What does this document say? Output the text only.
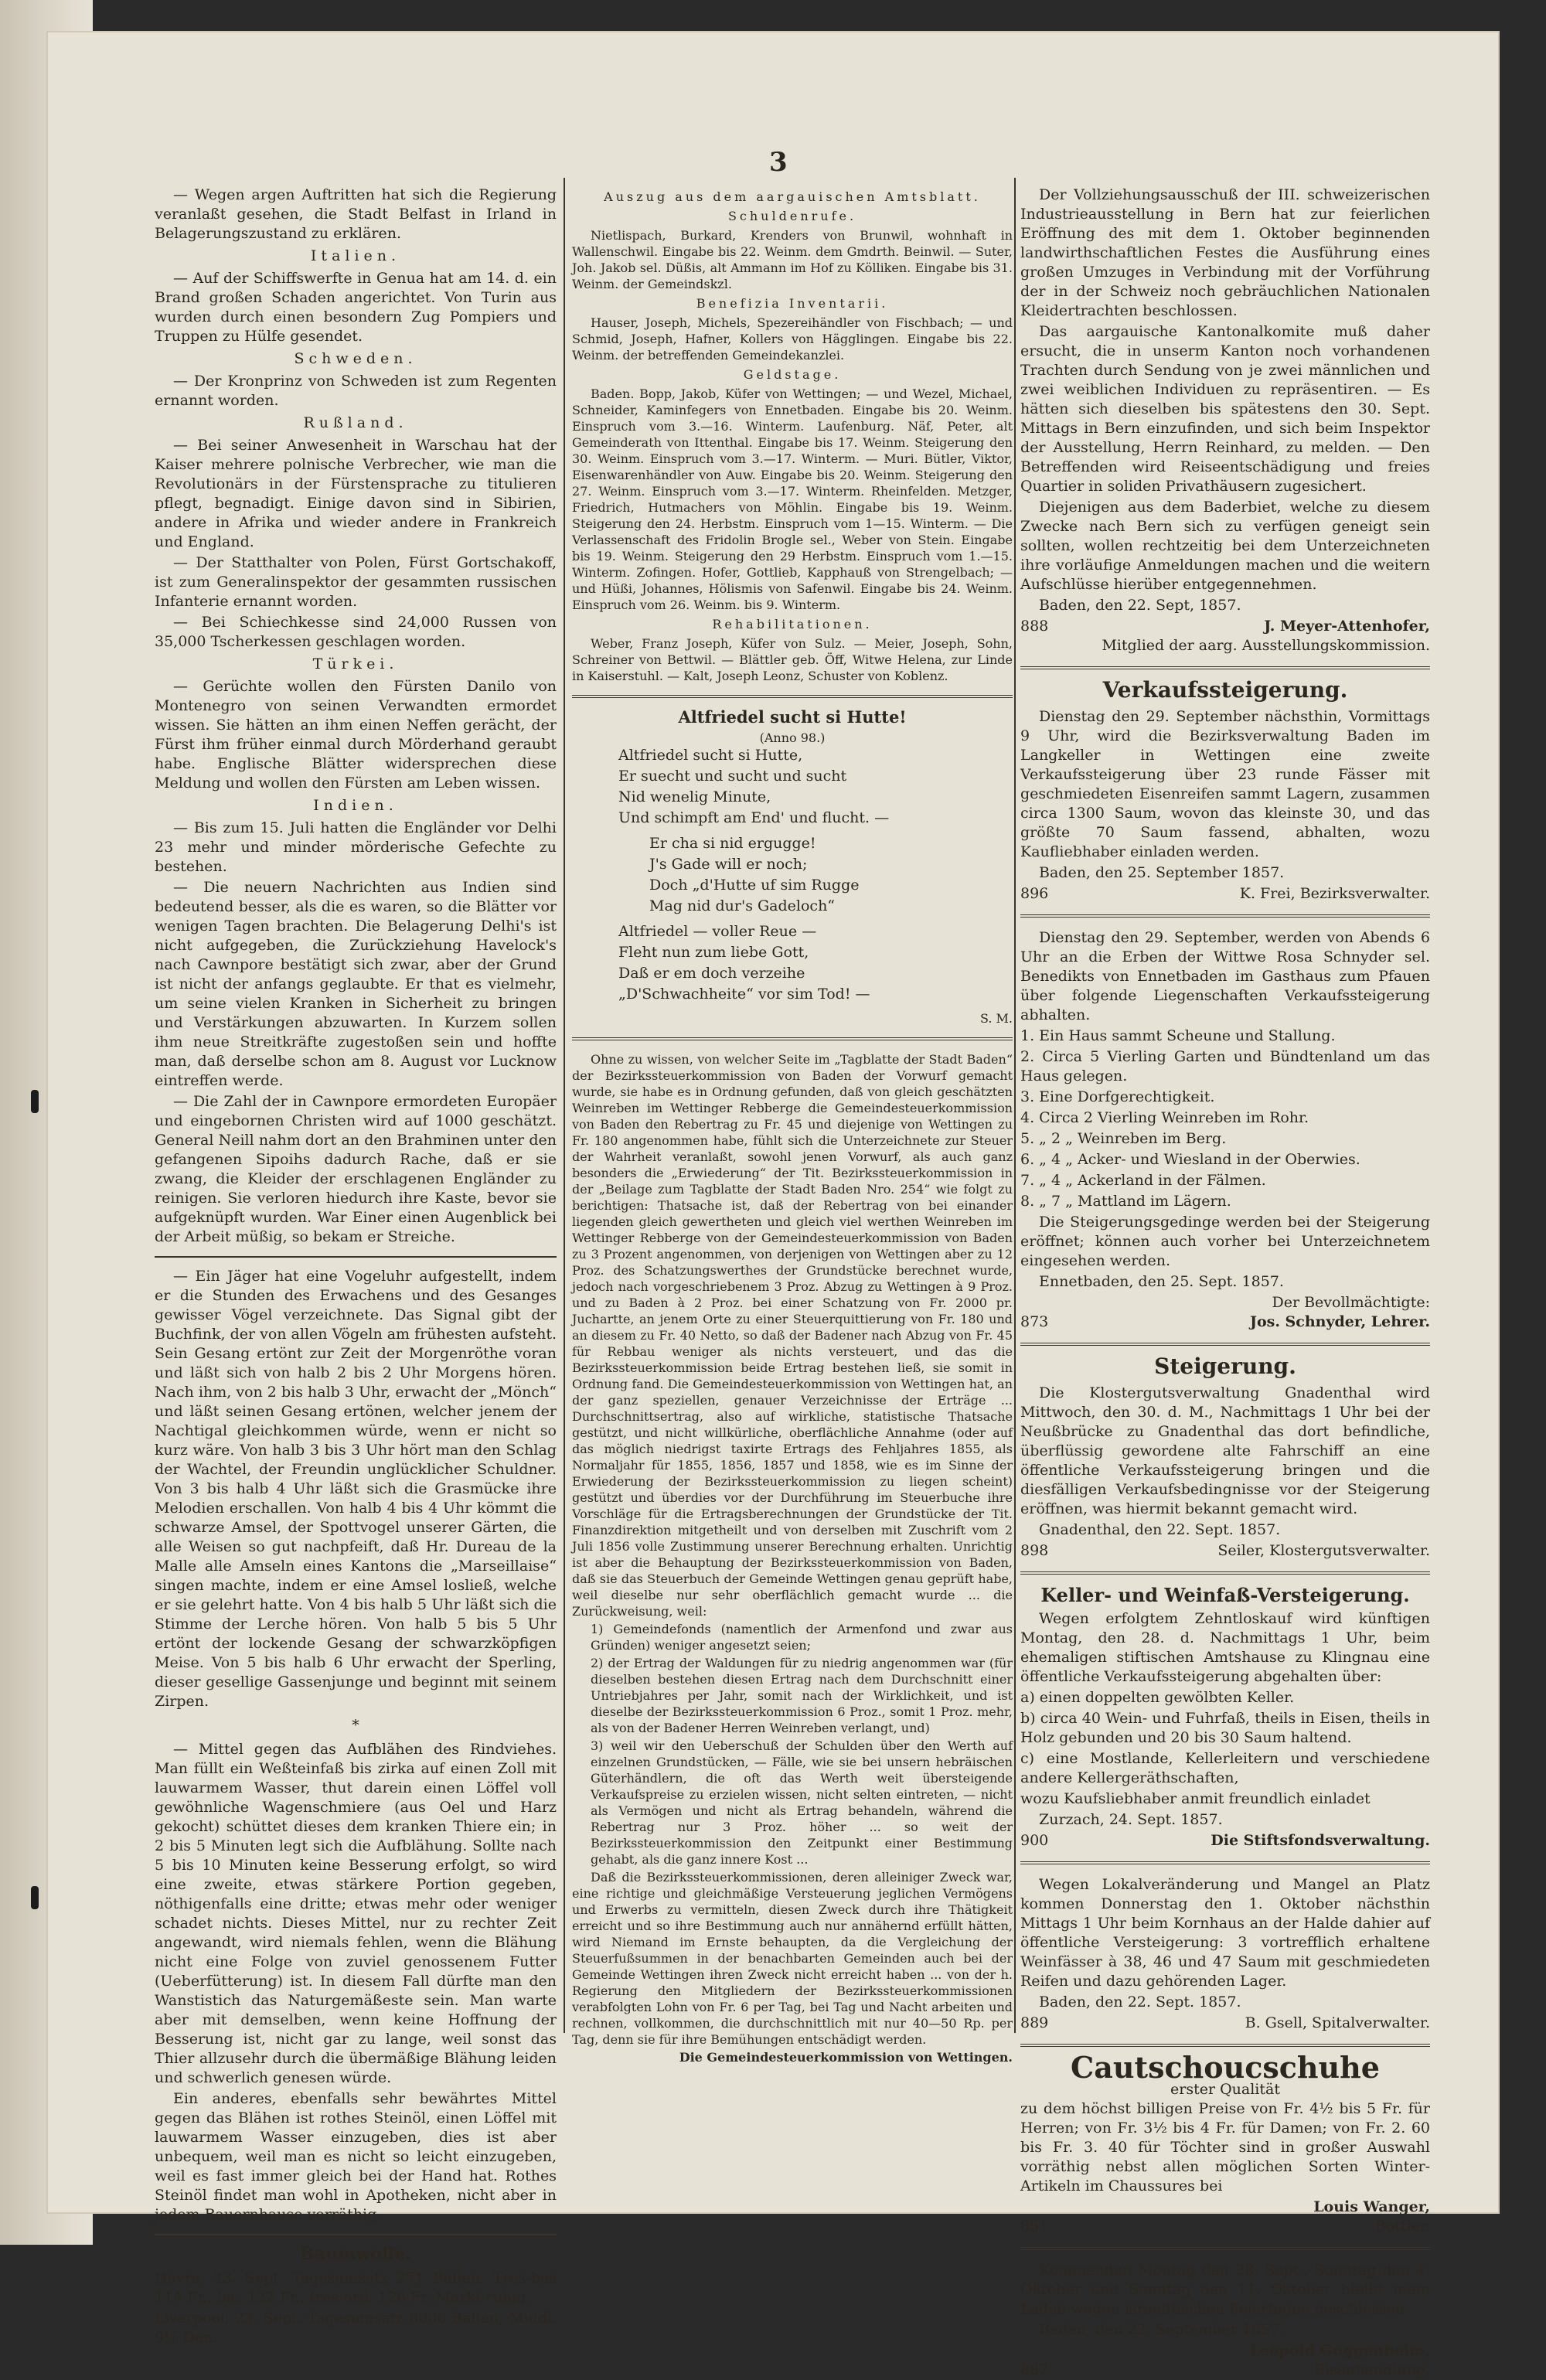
3

— Wegen argen Auftritten hat sich die Regierung veranlaßt gesehen, die Stadt Belfast in Irland in Belagerungszustand zu erklären.

Italien.

— Auf der Schiffswerfte in Genua hat am 14. d. ein Brand großen Schaden angerichtet. Von Turin aus wurden durch einen besondern Zug Pompiers und Truppen zu Hülfe gesendet.

Schweden.

— Der Kronprinz von Schweden ist zum Regenten ernannt worden.

Rußland.

— Bei seiner Anwesenheit in Warschau hat der Kaiser mehrere polnische Verbrecher, wie man die Revolutionärs in der Fürstensprache zu titulieren pflegt, begnadigt. Einige davon sind in Sibirien, andere in Afrika und wieder andere in Frankreich und England.

— Der Statthalter von Polen, Fürst Gortschakoff, ist zum Generalinspektor der gesammten russischen Infanterie ernannt worden.

— Bei Schiechkesse sind 24,000 Russen von 35,000 Tscherkessen geschlagen worden.

Türkei.

— Gerüchte wollen den Fürsten Danilo von Montenegro von seinen Verwandten ermordet wissen. Sie hätten an ihm einen Neffen gerächt, der Fürst ihm früher einmal durch Mörderhand geraubt habe. Englische Blätter widersprechen diese Meldung und wollen den Fürsten am Leben wissen.

Indien.

— Bis zum 15. Juli hatten die Engländer vor Delhi 23 mehr und minder mörderische Gefechte zu bestehen.

— Die neuern Nachrichten aus Indien sind bedeutend besser, als die es waren, so die Blätter vor wenigen Tagen brachten. Die Belagerung Delhi's ist nicht aufgegeben, die Zurückziehung Havelock's nach Cawnpore bestätigt sich zwar, aber der Grund ist nicht der anfangs geglaubte. Er that es vielmehr, um seine vielen Kranken in Sicherheit zu bringen und Verstärkungen abzuwarten. In Kurzem sollen ihm neue Streitkräfte zugestoßen sein und hoffte man, daß derselbe schon am 8. August vor Lucknow eintreffen werde.

— Die Zahl der in Cawnpore ermordeten Europäer und eingebornen Christen wird auf 1000 geschätzt. General Neill nahm dort an den Brahminen unter den gefangenen Sipoihs dadurch Rache, daß er sie zwang, die Kleider der erschlagenen Engländer zu reinigen. Sie verloren hiedurch ihre Kaste, bevor sie aufgeknüpft wurden. War Einer einen Augenblick bei der Arbeit müßig, so bekam er Streiche.

— Ein Jäger hat eine Vogeluhr aufgestellt, indem er die Stunden des Erwachens und des Gesanges gewisser Vögel verzeichnete. Das Signal gibt der Buchfink, der von allen Vögeln am frühesten aufsteht. Sein Gesang ertönt zur Zeit der Morgenröthe voran und läßt sich von halb 2 bis 2 Uhr Morgens hören. Nach ihm, von 2 bis halb 3 Uhr, erwacht der „Mönch“ und läßt seinen Gesang ertönen, welcher jenem der Nachtigal gleichkommen würde, wenn er nicht so kurz wäre. Von halb 3 bis 3 Uhr hört man den Schlag der Wachtel, der Freundin unglücklicher Schuldner. Von 3 bis halb 4 Uhr läßt sich die Grasmücke ihre Melodien erschallen. Von halb 4 bis 4 Uhr kömmt die schwarze Amsel, der Spottvogel unserer Gärten, die alle Weisen so gut nachpfeift, daß Hr. Dureau de la Malle alle Amseln eines Kantons die „Marseillaise“ singen machte, indem er eine Amsel losließ, welche er sie gelehrt hatte. Von 4 bis halb 5 Uhr läßt sich die Stimme der Lerche hören. Von halb 5 bis 5 Uhr ertönt der lockende Gesang der schwarzköpfigen Meise. Von 5 bis halb 6 Uhr erwacht der Sperling, dieser gesellige Gassenjunge und beginnt mit seinem Zirpen.

*

— Mittel gegen das Aufblähen des Rindviehes. Man füllt ein Weßteinfaß bis zirka auf einen Zoll mit lauwarmem Wasser, thut darein einen Löffel voll gewöhnliche Wagenschmiere (aus Oel und Harz gekocht) schüttet dieses dem kranken Thiere ein; in 2 bis 5 Minuten legt sich die Aufblähung. Sollte nach 5 bis 10 Minuten keine Besserung erfolgt, so wird eine zweite, etwas stärkere Portion gegeben, nöthigenfalls eine dritte; etwas mehr oder weniger schadet nichts. Dieses Mittel, nur zu rechter Zeit angewandt, wird niemals fehlen, wenn die Blähung nicht eine Folge von zuviel genossenem Futter (Ueberfütterung) ist. In diesem Fall dürfte man den Wanstistich das Naturgemäßeste sein. Man warte aber mit demselben, wenn keine Hoffnung der Besserung ist, nicht gar zu lange, weil sonst das Thier allzusehr durch die übermäßige Blähung leiden und schwerlich genesen würde.

Ein anderes, ebenfalls sehr bewährtes Mittel gegen das Blähen ist rothes Steinöl, einen Löffel mit lauwarmem Wasser einzugeben, dies ist aber unbequem, weil man es nicht so leicht einzugeben, weil es fast immer gleich bei der Hand hat. Rothes Steinöl findet man wohl in Apotheken, nicht aber in jedem Bauernhause vorräthig.

Baumwolle.

Havre, 23. Sept. Tagesumsatz 271 Ballen. Tres-bas 114 Fr., bas 122 Fr., tres ord. 126 Fr. Markt ruhig.

Liverpool, 23. Sept. Tagesumsatz 8000 Ballen, Middl. 9⅛ Den.

Auszug aus dem aargauischen Amtsblatt.
Schuldenrufe.

Nietlispach, Burkard, Krenders von Brunwil, wohnhaft in Wallenschwil. Eingabe bis 22. Weinm. dem Gmdrth. Beinwil. — Suter, Joh. Jakob sel. Düßis, alt Ammann im Hof zu Kölliken. Eingabe bis 31. Weinm. der Gemeindskzl.

Benefizia Inventarii.

Hauser, Joseph, Michels, Spezereihändler von Fischbach; — und Schmid, Joseph, Hafner, Kollers von Hägglingen. Eingabe bis 22. Weinm. der betreffenden Gemeindekanzlei.

Geldstage.

Baden. Bopp, Jakob, Küfer von Wettingen; — und Wezel, Michael, Schneider, Kaminfegers von Ennetbaden. Eingabe bis 20. Weinm. Einspruch vom 3.—16. Winterm. Laufenburg. Näf, Peter, alt Gemeinderath von Ittenthal. Eingabe bis 17. Weinm. Steigerung den 30. Weinm. Einspruch vom 3.—17. Winterm. — Muri. Bütler, Viktor, Eisenwarenhändler von Auw. Eingabe bis 20. Weinm. Steigerung den 27. Weinm. Einspruch vom 3.—17. Winterm. Rheinfelden. Metzger, Friedrich, Hutmachers von Möhlin. Eingabe bis 19. Weinm. Steigerung den 24. Herbstm. Einspruch vom 1—15. Winterm. — Die Verlassenschaft des Fridolin Brogle sel., Weber von Stein. Eingabe bis 19. Weinm. Steigerung den 29 Herbstm. Einspruch vom 1.—15. Winterm. Zofingen. Hofer, Gottlieb, Kapphauß von Strengelbach; — und Hüßi, Johannes, Hölismis von Safenwil. Eingabe bis 24. Weinm. Einspruch vom 26. Weinm. bis 9. Winterm.

Rehabilitationen.

Weber, Franz Joseph, Küfer von Sulz. — Meier, Joseph, Sohn, Schreiner von Bettwil. — Blättler geb. Öff, Witwe Helena, zur Linde in Kaiserstuhl. — Kalt, Joseph Leonz, Schuster von Koblenz.

Altfriedel sucht si Hutte!
(Anno 98.)

Altfriedel sucht si Hutte,

Er suecht und sucht und sucht

Nid wenelig Minute,

Und schimpft am End' und flucht. —

Er cha si nid ergugge!

J's Gade will er noch;

Doch „d'Hutte uf sim Rugge

Mag nid dur's Gadeloch“

Altfriedel — voller Reue —

Fleht nun zum liebe Gott,

Daß er em doch verzeihe

„D'Schwachheite“ vor sim Tod! —

S. M.

Ohne zu wissen, von welcher Seite im „Tagblatte der Stadt Baden“ der Bezirkssteuerkommission von Baden der Vorwurf gemacht wurde, sie habe es in Ordnung gefunden, daß von gleich geschätzten Weinreben im Wettinger Rebberge die Gemeindesteuerkommission von Baden den Rebertrag zu Fr. 45 und diejenige von Wettingen zu Fr. 180 angenommen habe, fühlt sich die Unterzeichnete zur Steuer der Wahrheit veranlaßt, sowohl jenen Vorwurf, als auch ganz besonders die „Erwiederung“ der Tit. Bezirkssteuerkommission in der „Beilage zum Tagblatte der Stadt Baden Nro. 254“ wie folgt zu berichtigen: Thatsache ist, daß der Rebertrag von bei einander liegenden gleich gewertheten und gleich viel werthen Weinreben im Wettinger Rebberge von der Gemeindesteuerkommission von Baden zu 3 Prozent angenommen, von derjenigen von Wettingen aber zu 12 Proz. des Schatzungswerthes der Grundstücke berechnet wurde, jedoch nach vorgeschriebenem 3 Proz. Abzug zu Wettingen à 9 Proz. und zu Baden à 2 Proz. bei einer Schatzung von Fr. 2000 pr. Juchartte, an jenem Orte zu einer Steuerquittierung von Fr. 180 und an diesem zu Fr. 40 Netto, so daß der Badener nach Abzug von Fr. 45 für Rebbau weniger als nichts versteuert, und das die Bezirkssteuerkommission beide Ertrag bestehen ließ, sie somit in Ordnung fand. Die Gemeindesteuerkommission von Wettingen hat, an der ganz speziellen, genauer Verzeichnisse der Erträge ... Durchschnittsertrag, also auf wirkliche, statistische Thatsache gestützt, und nicht willkürliche, oberflächliche Annahme (oder auf das möglich niedrigst taxirte Ertrags des Fehljahres 1855, als Normaljahr für 1855, 1856, 1857 und 1858, wie es im Sinne der Erwiederung der Bezirkssteuerkommission zu liegen scheint) gestützt und überdies vor der Durchführung im Steuerbuche ihre Vorschläge für die Ertragsberechnungen der Grundstücke der Tit. Finanzdirektion mitgetheilt und von derselben mit Zuschrift vom 2 Juli 1856 volle Zustimmung unserer Berechnung erhalten. Unrichtig ist aber die Behauptung der Bezirkssteuerkommission von Baden, daß sie das Steuerbuch der Gemeinde Wettingen genau geprüft habe, weil dieselbe nur sehr oberflächlich gemacht wurde ... die Zurückweisung, weil:

1) Gemeindefonds (namentlich der Armenfond und zwar aus Gründen) weniger angesetzt seien;

2) der Ertrag der Waldungen für zu niedrig angenommen war (für dieselben bestehen diesen Ertrag nach dem Durchschnitt einer Untriebjahres per Jahr, somit nach der Wirklichkeit, und ist dieselbe der Bezirkssteuerkommission 6 Proz., somit 1 Proz. mehr, als von der Badener Herren Weinreben verlangt, und)

3) weil wir den Ueberschuß der Schulden über den Werth auf einzelnen Grundstücken, — Fälle, wie sie bei unsern hebräischen Güterhändlern, die oft das Werth weit übersteigende Verkaufspreise zu erzielen wissen, nicht selten eintreten, — nicht als Vermögen und nicht als Ertrag behandeln, während die Rebertrag nur 3 Proz. höher ... so weit der Bezirkssteuerkommission den Zeitpunkt einer Bestimmung gehabt, als die ganz innere Kost ...

Daß die Bezirkssteuerkommissionen, deren alleiniger Zweck war, eine richtige und gleichmäßige Versteuerung jeglichen Vermögens und Erwerbs zu vermitteln, diesen Zweck durch ihre Thätigkeit erreicht und so ihre Bestimmung auch nur annähernd erfüllt hätten, wird Niemand im Ernste behaupten, da die Vergleichung der Steuerfußsummen in der benachbarten Gemeinden auch bei der Gemeinde Wettingen ihren Zweck nicht erreicht haben ... von der h. Regierung den Mitgliedern der Bezirkssteuerkommissionen verabfolgten Lohn von Fr. 6 per Tag, bei Tag und Nacht arbeiten und rechnen, vollkommen, die durchschnittlich mit nur 40—50 Rp. per Tag, denn sie für ihre Bemühungen entschädigt werden.

Die Gemeindesteuerkommission von Wettingen.

Der Vollziehungsausschuß der III. schweizerischen Industrieausstellung in Bern hat zur feierlichen Eröffnung des mit dem 1. Oktober beginnenden landwirthschaftlichen Festes die Ausführung eines großen Umzuges in Verbindung mit der Vorführung der in der Schweiz noch gebräuchlichen Nationalen Kleidertrachten beschlossen.

Das aargauische Kantonalkomite muß daher ersucht, die in unserm Kanton noch vorhandenen Trachten durch Sendung von je zwei männlichen und zwei weiblichen Individuen zu repräsentiren. — Es hätten sich dieselben bis spätestens den 30. Sept. Mittags in Bern einzufinden, und sich beim Inspektor der Ausstellung, Herrn Reinhard, zu melden. — Den Betreffenden wird Reiseentschädigung und freies Quartier in soliden Privathäusern zugesichert.

Diejenigen aus dem Baderbiet, welche zu diesem Zwecke nach Bern sich zu verfügen geneigt sein sollten, wollen rechtzeitig bei dem Unterzeichneten ihre vorläufige Anmeldungen machen und die weitern Aufschlüsse hierüber entgegennehmen.

Baden, den 22. Sept, 1857.

888	J. Meyer-Attenhofer,
Mitglied der aarg. Ausstellungskommission.
Verkaufssteigerung.

Dienstag den 29. September nächsthin, Vormittags 9 Uhr, wird die Bezirksverwaltung Baden im Langkeller in Wettingen eine zweite Verkaufssteigerung über 23 runde Fässer mit geschmiedeten Eisenreifen sammt Lagern, zusammen circa 1300 Saum, wovon das kleinste 30, und das größte 70 Saum fassend, abhalten, wozu Kaufliebhaber einladen werden.

Baden, den 25. September 1857.

896	K. Frei, Bezirksverwalter.

Dienstag den 29. September, werden von Abends 6 Uhr an die Erben der Wittwe Rosa Schnyder sel. Benedikts von Ennetbaden im Gasthaus zum Pfauen über folgende Liegenschaften Verkaufssteigerung abhalten.

1. Ein Haus sammt Scheune und Stallung.

2. Circa 5 Vierling Garten und Bündtenland um das Haus gelegen.

3. Eine Dorfgerechtigkeit.

4. Circa 2 Vierling Weinreben im Rohr.

5. „ 2 „ Weinreben im Berg.

6. „ 4 „ Acker- und Wiesland in der Oberwies.

7. „ 4 „ Ackerland in der Fälmen.

8. „ 7 „ Mattland im Lägern.

Die Steigerungsgedinge werden bei der Steigerung eröffnet; können auch vorher bei Unterzeichnetem eingesehen werden.

Ennetbaden, den 25. Sept. 1857.

Der Bevollmächtigte:
873	Jos. Schnyder, Lehrer.
Steigerung.

Die Klostergutsverwaltung Gnadenthal wird Mittwoch, den 30. d. M., Nachmittags 1 Uhr bei der Neußbrücke zu Gnadenthal das dort befindliche, überflüssig gewordene alte Fahrschiff an eine öffentliche Verkaufssteigerung bringen und die diesfälligen Verkaufsbedingnisse vor der Steigerung eröffnen, was hiermit bekannt gemacht wird.

Gnadenthal, den 22. Sept. 1857.

898	Seiler, Klostergutsverwalter.
Keller- und Weinfaß-Versteigerung.

Wegen erfolgtem Zehntloskauf wird künftigen Montag, den 28. d. Nachmittags 1 Uhr, beim ehemaligen stiftischen Amtshause zu Klingnau eine öffentliche Verkaufssteigerung abgehalten über:

a) einen doppelten gewölbten Keller.

b) circa 40 Wein- und Fuhrfaß, theils in Eisen, theils in Holz gebunden und 20 bis 30 Saum haltend.

c) eine Mostlande, Kellerleitern und verschiedene andere Kellergeräthschaften,

wozu Kaufsliebhaber anmit freundlich einladet

Zurzach, 24. Sept. 1857.

900	Die Stiftsfondsverwaltung.

Wegen Lokalveränderung und Mangel an Platz kommen Donnerstag den 1. Oktober nächsthin Mittags 1 Uhr beim Kornhaus an der Halde dahier auf öffentliche Versteigerung: 3 vortrefflich erhaltene Weinfässer à 38, 46 und 47 Saum mit geschmiedeten Reifen und dazu gehörenden Lager.

Baden, den 22. Sept. 1857.

889	B. Gsell, Spitalverwalter.
Cautschoucschuhe
erster Qualität

zu dem höchst billigen Preise von Fr. 4½ bis 5 Fr. für Herren; von Fr. 3½ bis 4 Fr. für Damen; von Fr. 2. 60 bis Fr. 3. 40 für Töchter sind in großer Auswahl vorräthig nebst allen möglichen Sorten Winter-Artikeln im Chaussures bei

Louis Wanger,
851	Bottier.

Kommenden Montag den 28. Sept., Sonntag den 4. Oktober und Sonntag den 11. Oktober bleibt mein Laden wegen israelitischen Feiertagen geschlossen.

Baden, den 22. September 1857.

Leopold Guggenheim,
887	Eisenhandlung.
